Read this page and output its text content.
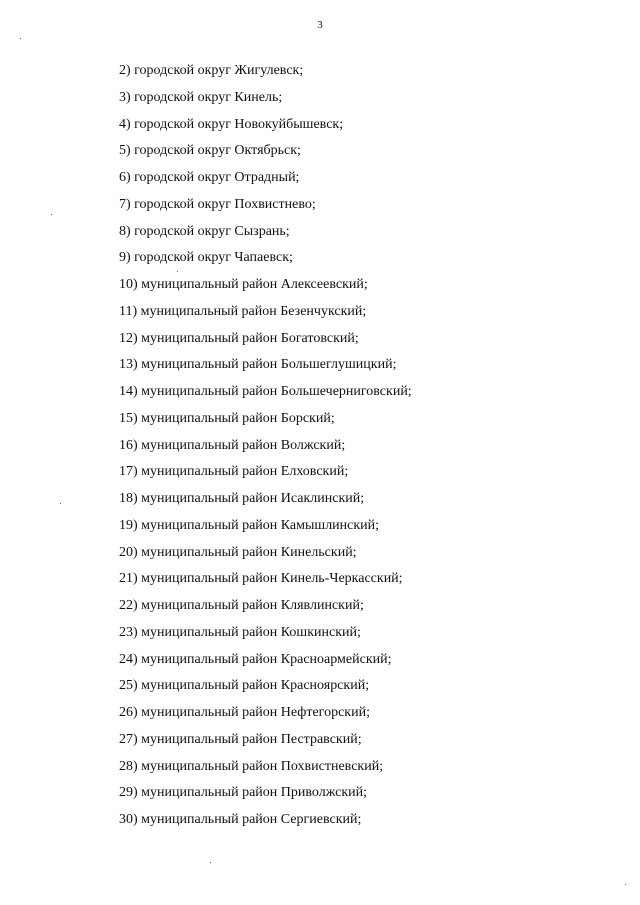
3
2) городской округ Жигулевск;
3) городской округ Кинель;
4) городской округ Новокуйбышевск;
5) городской округ Октябрьск;
6) городской округ Отрадный;
7) городской округ Похвистнево;
8) городской округ Сызрань;
9) городской округ Чапаевск;
10) муниципальный район Алексеевский;
11) муниципальный район Безенчукский;
12) муниципальный район Богатовский;
13) муниципальный район Большеглушицкий;
14) муниципальный район Большечерниговский;
15) муниципальный район Борский;
16) муниципальный район Волжский;
17) муниципальный район Елховский;
18) муниципальный район Исаклинский;
19) муниципальный район Камышлинский;
20) муниципальный район Кинельский;
21) муниципальный район Кинель-Черкасский;
22) муниципальный район Клявлинский;
23) муниципальный район Кошкинский;
24) муниципальный район Красноармейский;
25) муниципальный район Красноярский;
26) муниципальный район Нефтегорский;
27) муниципальный район Пестравский;
28) муниципальный район Похвистневский;
29) муниципальный район Приволжский;
30) муниципальный район Сергиевский;
